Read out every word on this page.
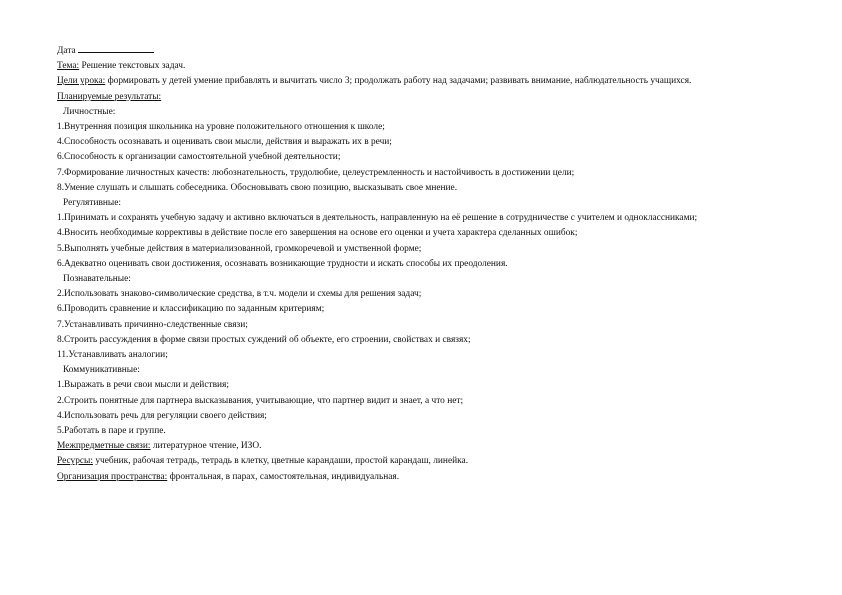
Дата
Тема: Решение текстовых задач.

Цели урока: формировать у детей умение прибавлять и вычитать число 3; продолжать работу над задачами; развивать внимание, наблюдательность учащихся.

Планируемые результаты:
Личностные:
1.Внутренняя позиция школьника на уровне положительного отношения к школе;
4.Способность осознавать и оценивать свои мысли, действия и выражать их в речи;
6.Способность к организации самостоятельной учебной деятельности;
7.Формирование личностных качеств: любознательность, трудолюбие, целеустремленность и настойчивость в достижении цели;
8.Умение слушать и слышать собеседника. Обосновывать свою позицию, высказывать свое мнение.
Регулятивные:

1.Принимать и сохранять учебную задачу и активно включаться в деятельность, направленную на её решение в сотрудничестве с учителем и одноклассниками;

4.Вносить необходимые коррективы в действие после его завершения на основе его оценки и учета характера сделанных ошибок;
5.Выполнять учебные действия в материализованной, громкоречевой и умственной форме;
6.Адекватно оценивать свои достижения, осознавать возникающие трудности и искать способы их преодоления.
Познавательные:
2.Использовать знаково-символические средства, в т.ч. модели и схемы для решения задач;
6.Проводить сравнение и классификацию по заданным критериям;
7.Устанавливать причинно-следственные связи;
8.Строить рассуждения в форме связи простых суждений об объекте, его строении, свойствах и связях;
11.Устанавливать аналогии;
Коммуникативные:
1.Выражать в речи свои мысли и действия;
2.Строить понятные для партнера высказывания, учитывающие, что партнер видит и знает, а что нет;
4.Использовать речь для регуляции своего действия;
5.Работать в паре и группе.
Межпредметные связи: литературное чтение, ИЗО.
Ресурсы: учебник, рабочая тетрадь, тетрадь в клетку, цветные карандаши, простой карандаш, линейка.
Организация пространства: фронтальная, в парах, самостоятельная, индивидуальная.
